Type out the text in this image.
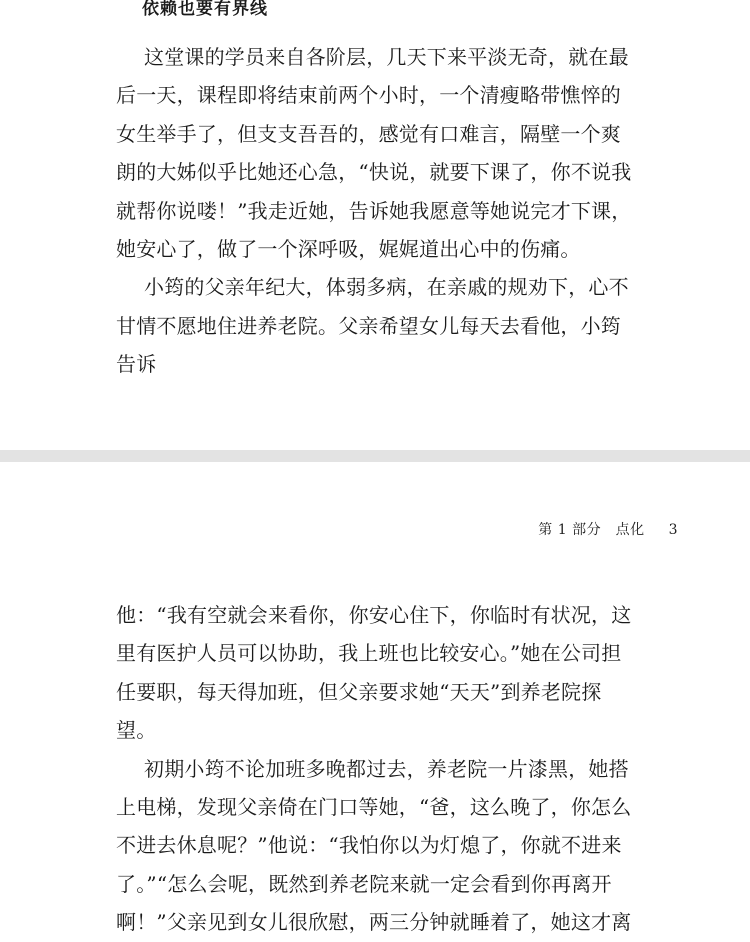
依赖也要有界线

这堂课的学员来自各阶层，几天下来平淡无奇，就在最后一天，课程即将结束前两个小时，一个清瘦略带憔悴的女生举手了，但支支吾吾的，感觉有口难言，隔壁一个爽朗的大姊似乎比她还心急，“快说，就要下课了，你不说我就帮你说喽！”我走近她，告诉她我愿意等她说完才下课，她安心了，做了一个深呼吸，娓娓道出心中的伤痛。

小筠的父亲年纪大，体弱多病，在亲戚的规劝下，心不甘情不愿地住进养老院。父亲希望女儿每天去看他，小筠告诉

第 1 部分　点化 3

他：“我有空就会来看你，你安心住下，你临时有状况，这里有医护人员可以协助，我上班也比较安心。”她在公司担任要职，每天得加班，但父亲要求她“天天”到养老院探望。

初期小筠不论加班多晚都过去，养老院一片漆黑，她搭上电梯，发现父亲倚在门口等她，“爸，这么晚了，你怎么不进去休息呢？”他说：“我怕你以为灯熄了，你就不进来了。”“怎么会呢，既然到养老院来就一定会看到你再离开啊！”父亲见到女儿很欣慰，两三分钟就睡着了，她这才离
